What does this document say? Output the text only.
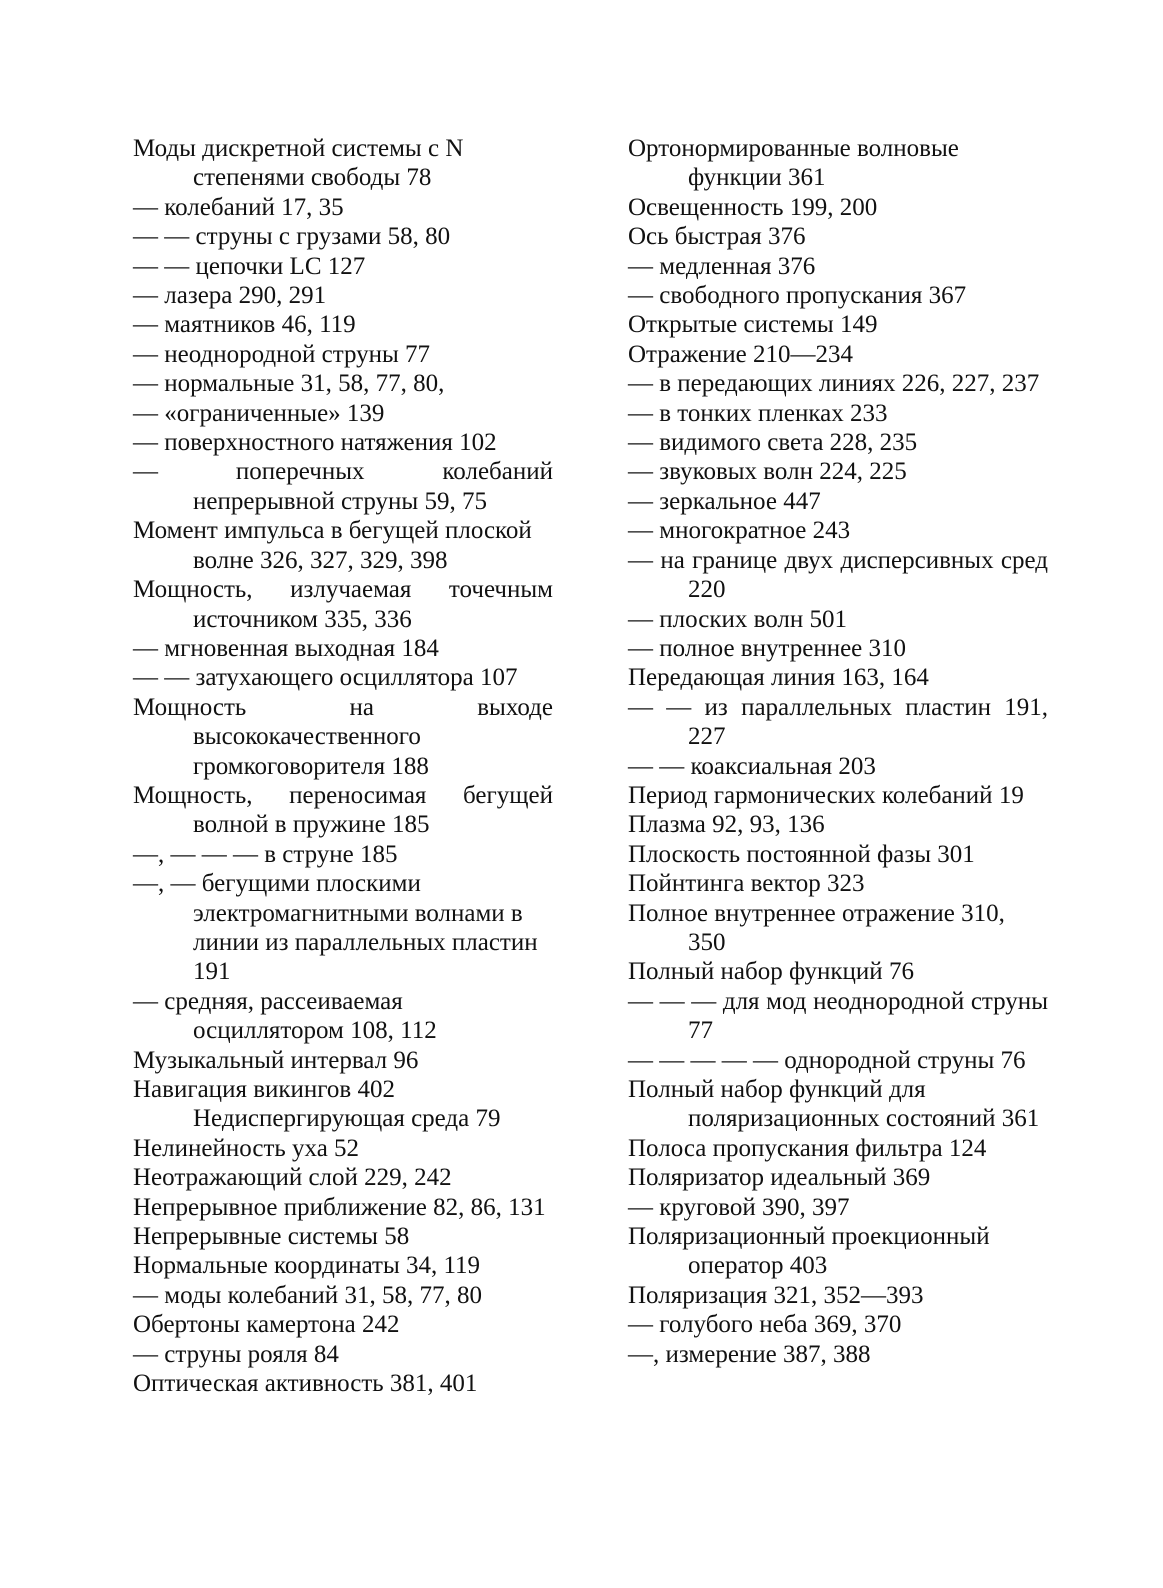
Моды дискретной системы с N степенями свободы 78
— колебаний 17, 35
— — струны с грузами 58, 80
— — цепочки LC 127
— лазера 290, 291
— маятников 46, 119
— неоднородной струны 77
— нормальные 31, 58, 77, 80,
— «ограниченные» 139
— поверхностного натяжения 102
— поперечных колебаний непрерывной струны 59, 75
Момент импульса в бегущей плоской волне 326, 327, 329, 398
Мощность, излучаемая точечным источником 335, 336
— мгновенная выходная 184
— — затухающего осциллятора 107
Мощность на выходе высококачественного громкоговорителя 188
Мощность, переносимая бегущей волной в пружине 185
—, — — — в струне 185
—, — бегущими плоскими электромагнитными волнами в линии из параллельных пластин 191
— средняя, рассеиваемая осциллятором 108, 112
Музыкальный интервал 96
Навигация викингов 402
Недиспергирующая среда 79
Нелинейность уха 52
Неотражающий слой 229, 242
Непрерывное приближение 82, 86, 131
Непрерывные системы 58
Нормальные координаты 34, 119
— моды колебаний 31, 58, 77, 80
Обертоны камертона 242
— струны рояля 84
Оптическая активность 381, 401
Ортонормированные волновые функции 361
Освещенность 199, 200
Ось быстрая 376
— медленная 376
— свободного пропускания 367
Открытые системы 149
Отражение 210—234
— в передающих линиях 226, 227, 237
— в тонких пленках 233
— видимого света 228, 235
— звуковых волн 224, 225
— зеркальное 447
— многократное 243
— на границе двух дисперсивных сред 220
— плоских волн 501
— полное внутреннее 310
Передающая линия 163, 164
— — из параллельных пластин 191, 227
— — коаксиальная 203
Период гармонических колебаний 19
Плазма 92, 93, 136
Плоскость постоянной фазы 301
Пойнтинга вектор 323
Полное внутреннее отражение 310, 350
Полный набор функций 76
— — — для мод неоднородной струны 77
— — — — — однородной струны 76
Полный набор функций для поляризационных состояний 361
Полоса пропускания фильтра 124
Поляризатор идеальный 369
— круговой 390, 397
Поляризационный проекционный оператор 403
Поляризация 321, 352—393
— голубого неба 369, 370
—, измерение 387, 388
